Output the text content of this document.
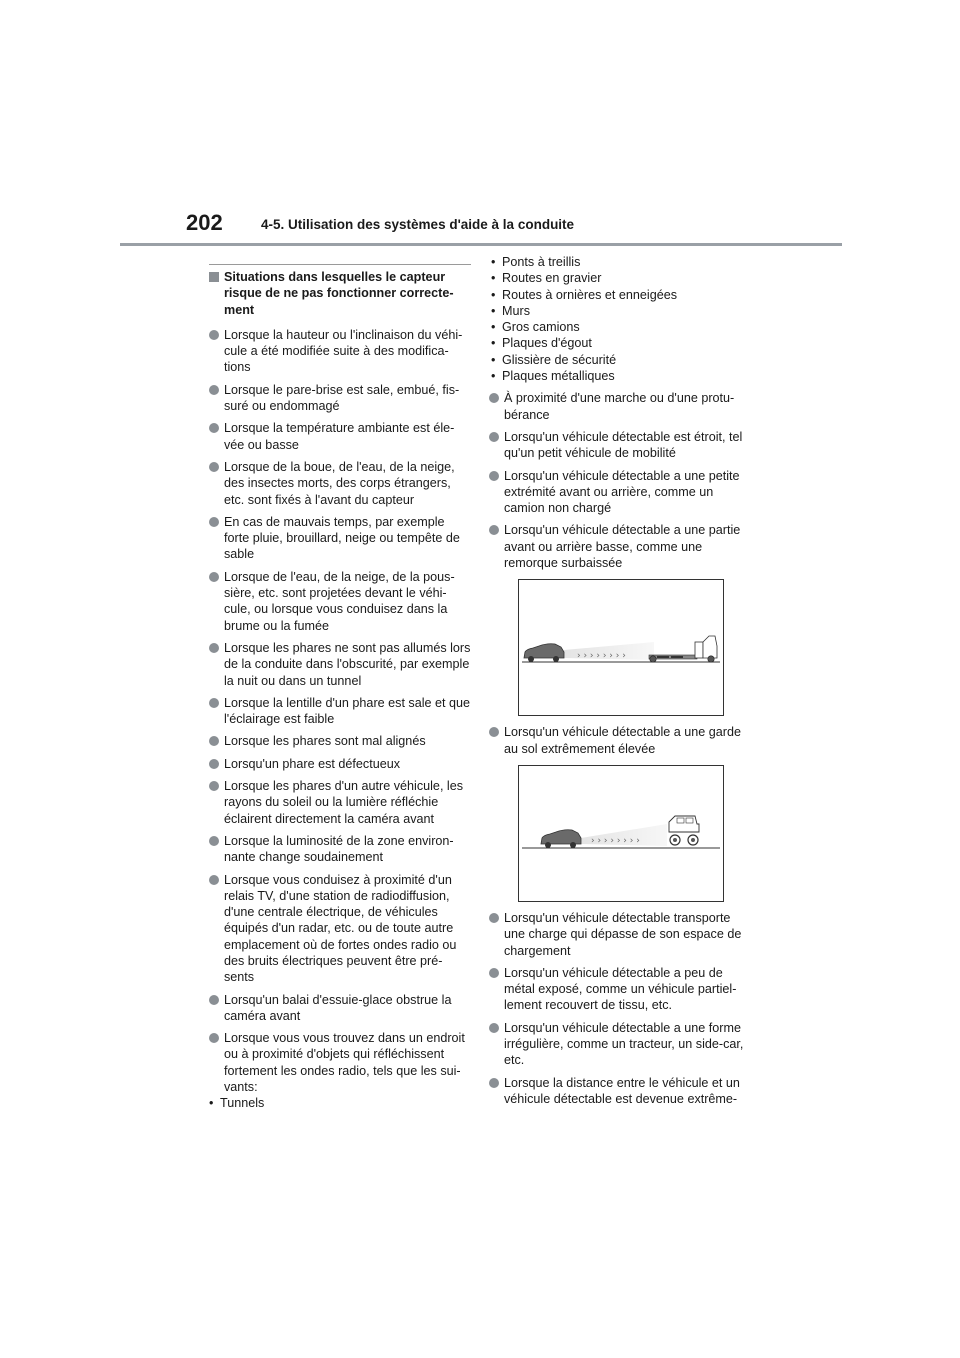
202	4-5. Utilisation des systèmes d'aide à la conduite
Situations dans lesquelles le capteur risque de ne pas fonctionner correcte-ment
Lorsque la hauteur ou l'inclinaison du véhi-cule a été modifiée suite à des modifica-tions
Lorsque le pare-brise est sale, embué, fis-suré ou endommagé
Lorsque la température ambiante est éle-vée ou basse
Lorsque de la boue, de l'eau, de la neige, des insectes morts, des corps étrangers, etc. sont fixés à l'avant du capteur
En cas de mauvais temps, par exemple forte pluie, brouillard, neige ou tempête de sable
Lorsque de l'eau, de la neige, de la pous-sière, etc. sont projetées devant le véhi-cule, ou lorsque vous conduisez dans la brume ou la fumée
Lorsque les phares ne sont pas allumés lors de la conduite dans l'obscurité, par exemple la nuit ou dans un tunnel
Lorsque la lentille d'un phare est sale et que l'éclairage est faible
Lorsque les phares sont mal alignés
Lorsqu'un phare est défectueux
Lorsque les phares d'un autre véhicule, les rayons du soleil ou la lumière réfléchie éclairent directement la caméra avant
Lorsque la luminosité de la zone environ-nante change soudainement
Lorsque vous conduisez à proximité d'un relais TV, d'une station de radiodiffusion, d'une centrale électrique, de véhicules équipés d'un radar, etc. ou de toute autre emplacement où de fortes ondes radio ou des bruits électriques peuvent être pré-sents
Lorsqu'un balai d'essuie-glace obstrue la caméra avant
Lorsque vous vous trouvez dans un endroit ou à proximité d'objets qui réfléchissent fortement les ondes radio, tels que les sui-vants:
• Tunnels
• Ponts à treillis
• Routes en gravier
• Routes à ornières et enneigées
• Murs
• Gros camions
• Plaques d'égout
• Glissière de sécurité
• Plaques métalliques
À proximité d'une marche ou d'une protu-bérance
Lorsqu'un véhicule détectable est étroit, tel qu'un petit véhicule de mobilité
Lorsqu'un véhicule détectable a une petite extrémité avant ou arrière, comme un camion non chargé
Lorsqu'un véhicule détectable a une partie avant ou arrière basse, comme une remorque surbaissée
› › › › › › › ›
Lorsqu'un véhicule détectable a une garde au sol extrêmement élevée
› › › › › › › ›
Lorsqu'un véhicule détectable transporte une charge qui dépasse de son espace de chargement
Lorsqu'un véhicule détectable a peu de métal exposé, comme un véhicule partiel-lement recouvert de tissu, etc.
Lorsqu'un véhicule détectable a une forme irrégulière, comme un tracteur, un side-car, etc.
Lorsque la distance entre le véhicule et un véhicule détectable est devenue extrême-
